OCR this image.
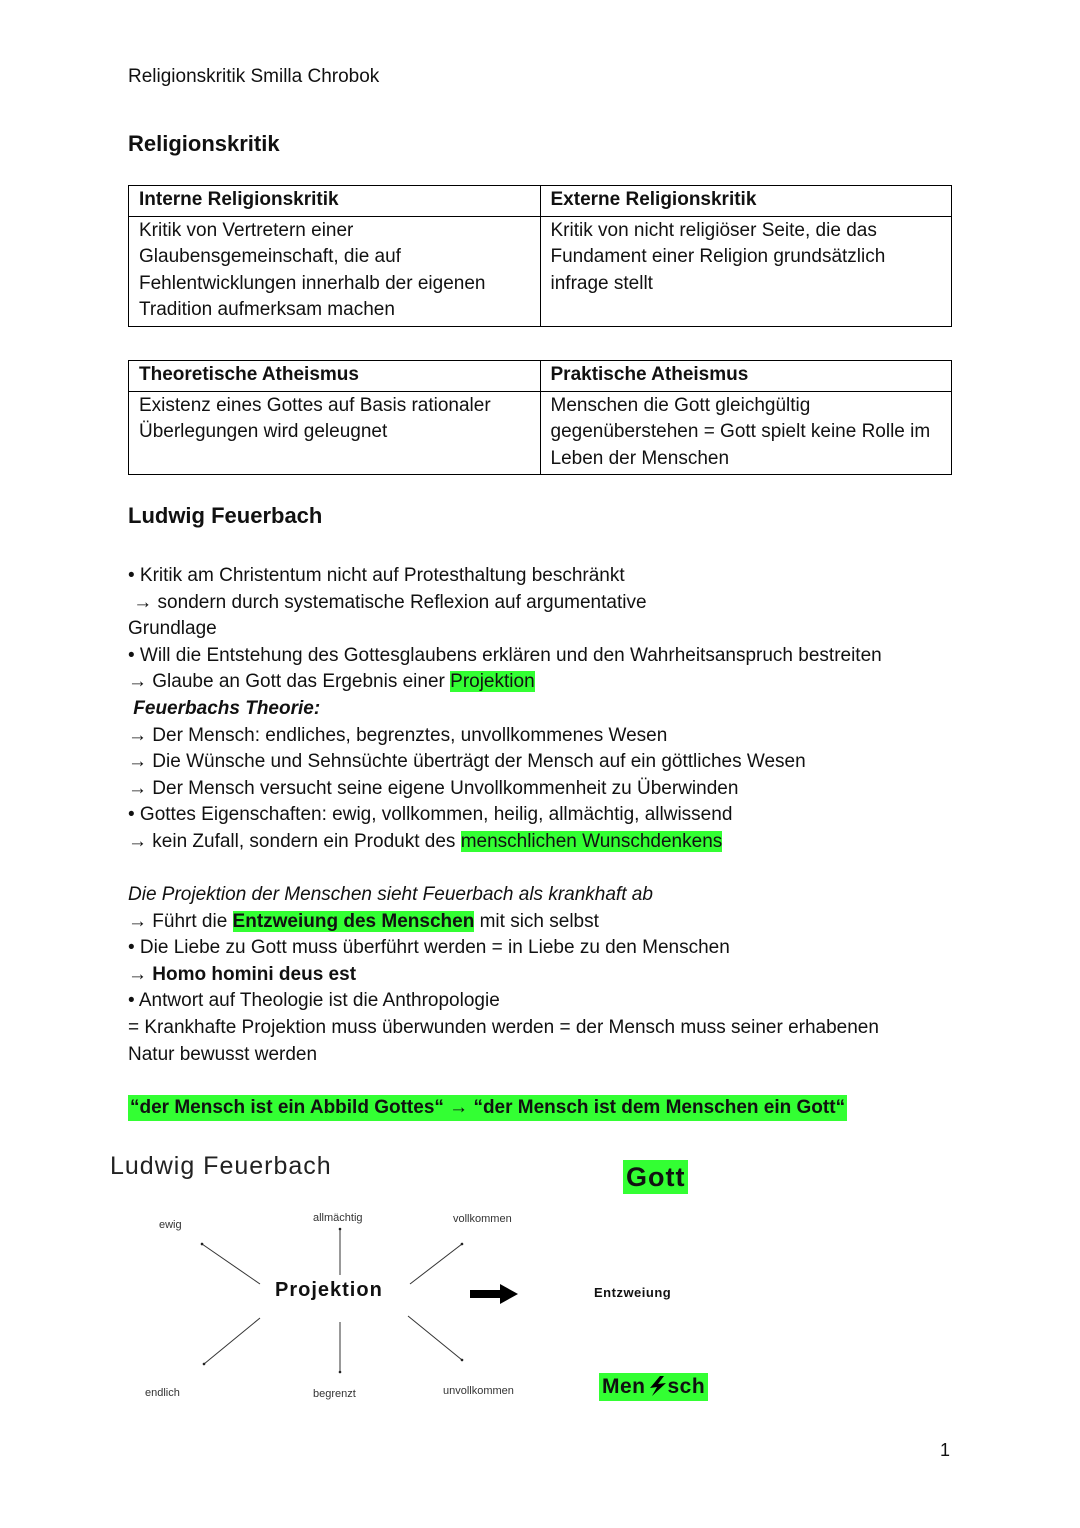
Religionskritik Smilla Chrobok
Religionskritik
Interne Religionskritik	Externe Religionskritik
Kritik von Vertretern einer Glaubensgemeinschaft, die auf Fehlentwicklungen innerhalb der eigenen Tradition aufmerksam machen	Kritik von nicht religiöser Seite, die das Fundament einer Religion grundsätzlich infrage stellt
Theoretische Atheismus	Praktische Atheismus
Existenz eines Gottes auf Basis rationaler Überlegungen wird geleugnet	Menschen die Gott gleichgültig gegenüberstehen = Gott spielt keine Rolle im Leben der Menschen
Ludwig Feuerbach
• Kritik am Christentum nicht auf Protesthaltung beschränkt
→ sondern durch systematische Reflexion auf argumentative
Grundlage
• Will die Entstehung des Gottesglaubens erklären und den Wahrheitsanspruch bestreiten
→ Glaube an Gott das Ergebnis einer Projektion
Feuerbachs Theorie:
→ Der Mensch: endliches, begrenztes, unvollkommenes Wesen
→ Die Wünsche und Sehnsüchte überträgt der Mensch auf ein göttliches Wesen
→ Der Mensch versucht seine eigene Unvollkommenheit zu Überwinden
• Gottes Eigenschaften: ewig, vollkommen, heilig, allmächtig, allwissend
→ kein Zufall, sondern ein Produkt des menschlichen Wunschdenkens
Die Projektion der Menschen sieht Feuerbach als krankhaft ab
→ Führt die Entzweiung des Menschen mit sich selbst
• Die Liebe zu Gott muss überführt werden = in Liebe zu den Menschen
→ Homo homini deus est
• Antwort auf Theologie ist die Anthropologie
= Krankhafte Projektion muss überwunden werden = der Mensch muss seiner erhabenen
Natur bewusst werden
“der Mensch ist ein Abbild Gottes“ → “der Mensch ist dem Menschen ein Gott“
Ludwig Feuerbach
ewig
allmächtig	vollkommen
Projektion
endlich	begrenzt	unvollkommen
Gott
Entzweiung
Men sch
1
